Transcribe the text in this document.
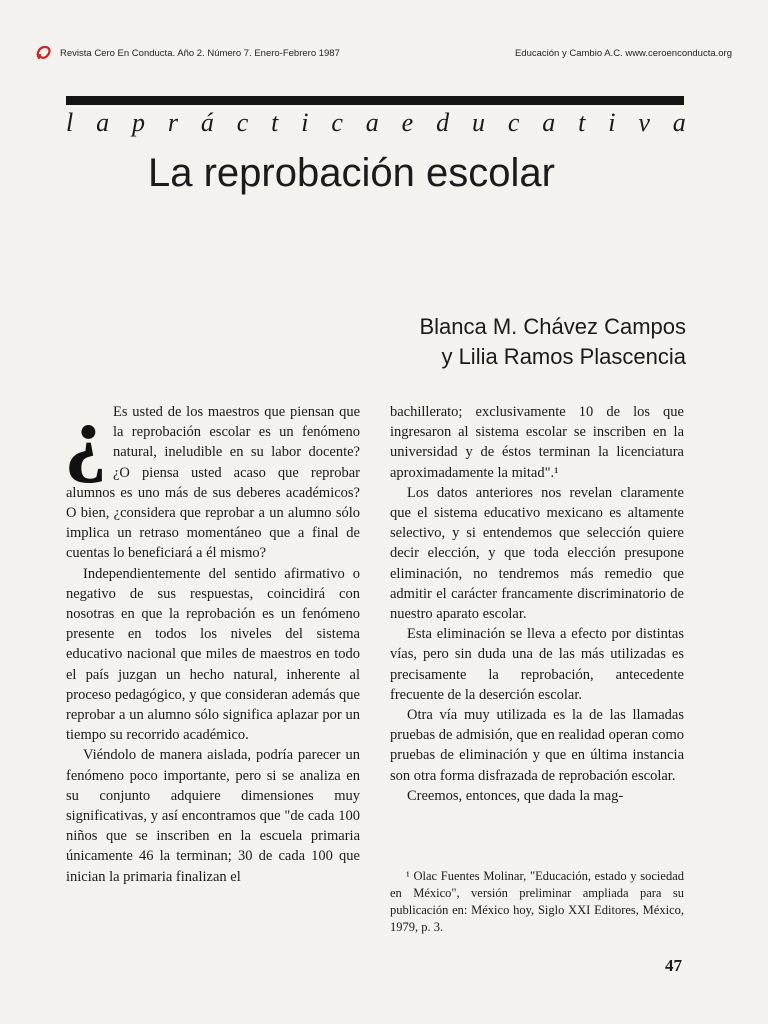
Revista Cero En Conducta. Año 2. Número 7. Enero-Febrero 1987	Educación y Cambio A.C. www.ceroenconducta.org
l a p r á c t i c a e d u c a t i v a
La reprobación escolar
Blanca M. Chávez Campos
y Lilia Ramos Plascencia

¿ Es usted de los maestros que piensan que la reprobación escolar es un fenómeno natural, ineludible en su labor docente? ¿O piensa usted acaso que reprobar alumnos es uno más de sus deberes académicos? O bien, ¿considera que reprobar a un alumno sólo implica un retraso momentáneo que a final de cuentas lo beneficiará a él mismo?

Independientemente del sentido afirmativo o negativo de sus respuestas, coincidirá con nosotras en que la reprobación es un fenómeno presente en todos los niveles del sistema educativo nacional que miles de maestros en todo el país juzgan un hecho natural, inherente al proceso pedagógico, y que consideran además que reprobar a un alumno sólo significa aplazar por un tiempo su recorrido académico.

Viéndolo de manera aislada, podría parecer un fenómeno poco importante, pero si se analiza en su conjunto adquiere dimensiones muy significativas, y así encontramos que "de cada 100 niños que se inscriben en la escuela primaria únicamente 46 la terminan; 30 de cada 100 que inician la primaria finalizan el

bachillerato; exclusivamente 10 de los que ingresaron al sistema escolar se inscriben en la universidad y de éstos terminan la licenciatura aproximadamente la mitad".¹

Los datos anteriores nos revelan claramente que el sistema educativo mexicano es altamente selectivo, y si entendemos que selección quiere decir elección, y que toda elección presupone eliminación, no tendremos más remedio que admitir el carácter francamente discriminatorio de nuestro aparato escolar.

Esta eliminación se lleva a efecto por distintas vías, pero sin duda una de las más utilizadas es precisamente la reprobación, antecedente frecuente de la deserción escolar.

Otra vía muy utilizada es la de las llamadas pruebas de admisión, que en realidad operan como pruebas de eliminación y que en última instancia son otra forma disfrazada de reprobación escolar.

Creemos, entonces, que dada la mag-

¹ Olac Fuentes Molinar, "Educación, estado y sociedad en México", versión preliminar ampliada para su publicación en: México hoy, Siglo XXI Editores, México, 1979, p. 3.

47
